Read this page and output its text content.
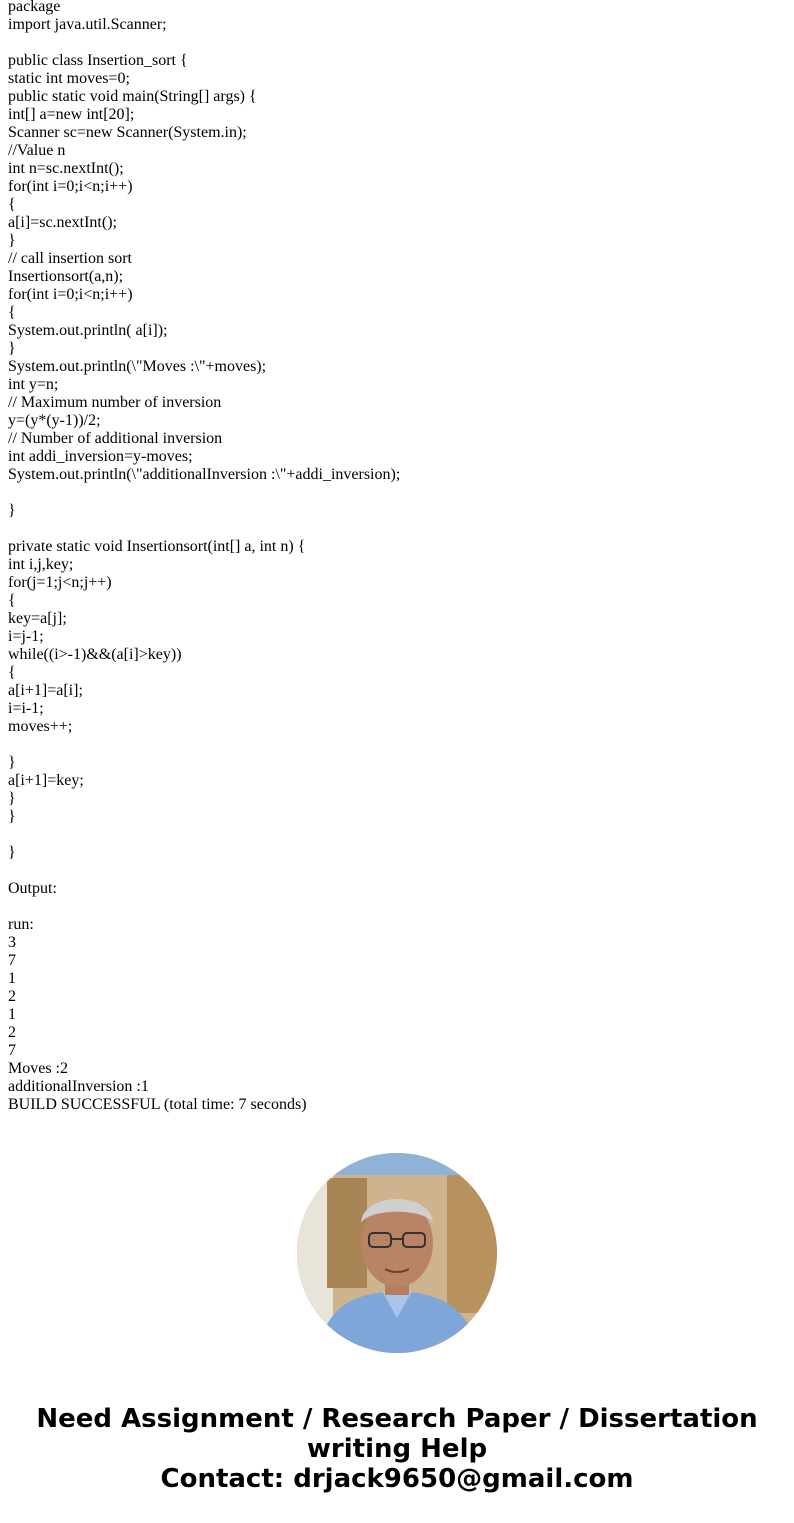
package
import java.util.Scanner;
public class Insertion_sort {
static int moves=0;
public static void main(String[] args) {
int[] a=new int[20];
Scanner sc=new Scanner(System.in);
//Value n
int n=sc.nextInt();
for(int i=0;i<n;i++)
{
a[i]=sc.nextInt();
}
// call insertion sort
Insertionsort(a,n);
for(int i=0;i<n;i++)
{
System.out.println( a[i]);
}
System.out.println(\"Moves :\"+moves);
int y=n;
// Maximum number of inversion
y=(y*(y-1))/2;
// Number of additional inversion
int addi_inversion=y-moves;
System.out.println(\"additionalInversion :\"+addi_inversion);
}
private static void Insertionsort(int[] a, int n) {
int i,j,key;
for(j=1;j<n;j++)
{
key=a[j];
i=j-1;
while((i>-1)&&(a[i]>key))
{
a[i+1]=a[i];
i=i-1;
moves++;
}
a[i+1]=key;
}
}
}
Output:
run:
3
7
1
2
1
2
7
Moves :2
additionalInversion :1
BUILD SUCCESSFUL (total time: 7 seconds)
Need Assignment / Research Paper / Dissertation
writing Help
Contact: drjack9650@gmail.com
